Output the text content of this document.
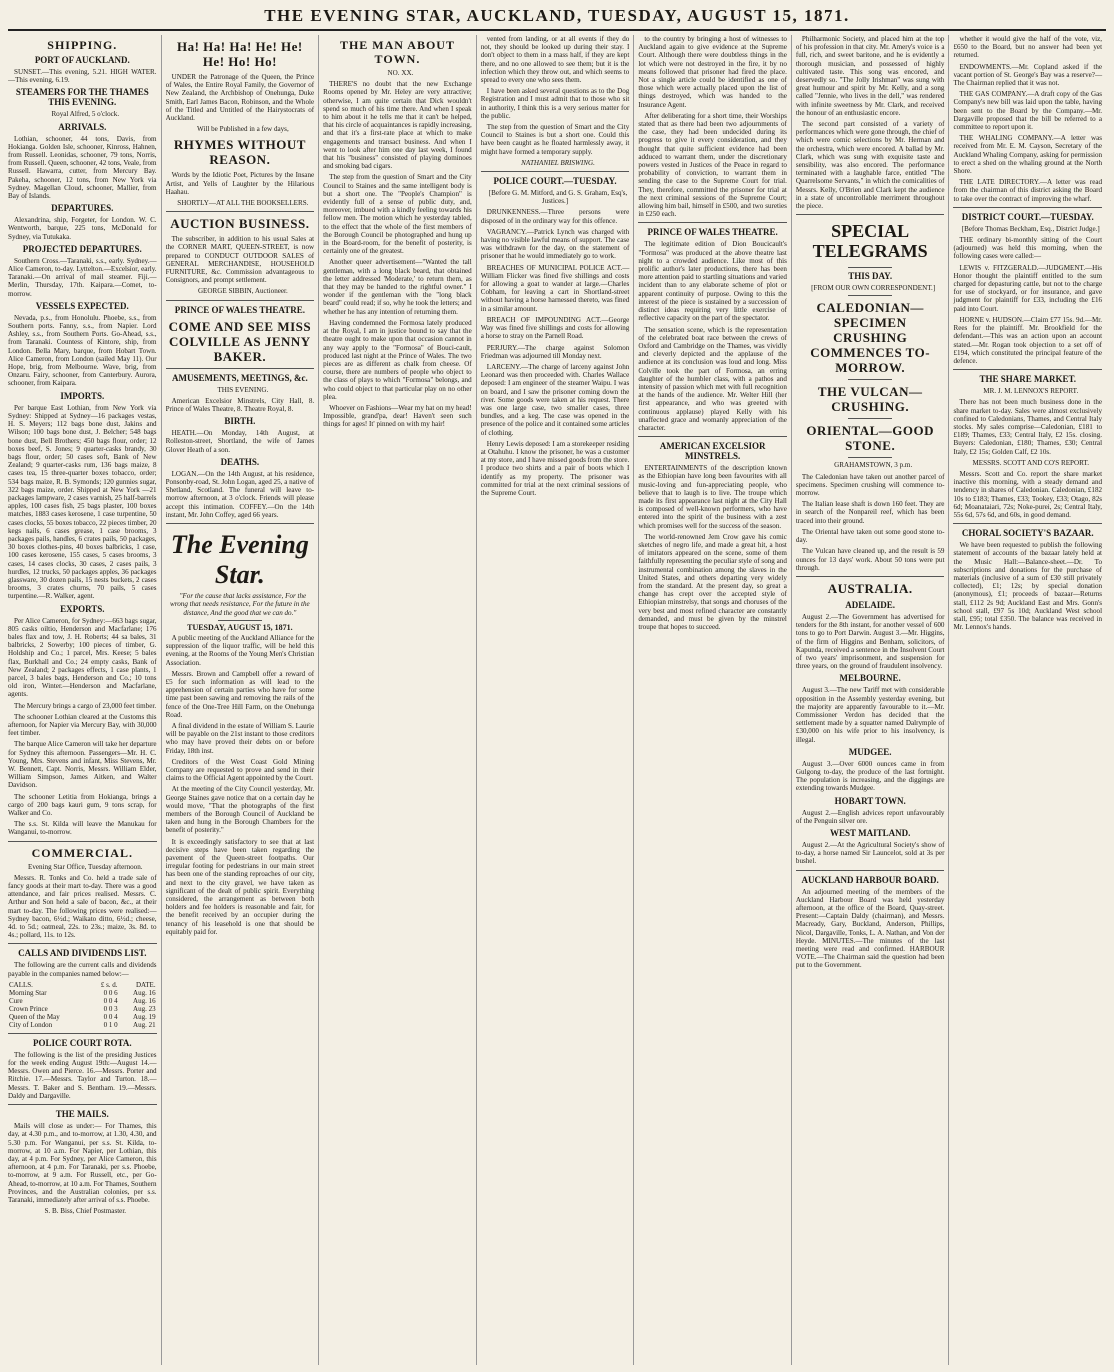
THE EVENING STAR, AUCKLAND, TUESDAY, AUGUST 15, 1871.
SHIPPING.
PORT OF AUCKLAND.

SUNSET.—This evening, 5.21. HIGH WATER.—This evening, 6.19.

STEAMERS FOR THE THAMES THIS EVENING.

Royal Alfred, 5 o'clock.

ARRIVALS.

Lothian, schooner, 44 tons, Davis, from Hokianga. Golden Isle, schooner, Kinross, Hahnen, from Russell. Leonidas, schooner, 79 tons, Norris, from Russell. Queen, schooner, 42 tons, Veale, from Russell. Hawarra, cutter, from Mercury Bay. Pakeha, schooner, 12 tons, from New York via Sydney. Magellan Cloud, schooner, Mallier, from Bay of Islands.

DEPARTURES.

Alexandrina, ship, Forgeter, for London. W. C. Wentworth, barque, 225 tons, McDonald for Sydney, via Tutukaka.

PROJECTED DEPARTURES.

Southern Cross.—Taranaki, s.s., early. Sydney.—Alice Cameron, to-day. Lyttelton.—Excelsior, early. Taranaki.—On arrival of mail steamer. Fiji.—Merlin, Thursday, 17th. Kaipara.—Comet, to-morrow.

VESSELS EXPECTED.

Nevada, p.s., from Honolulu. Phoebe, s.s., from Southern ports. Fanny, s.s., from Napier. Lord Ashley, s.s., from Southern Ports. Go-Ahead, s.s., from Taranaki. Countess of Kintore, ship, from London. Bella Mary, barque, from Hobart Town. Alice Cameron, from London (sailed May 11). Our Hope, brig, from Melbourne. Wave, brig, from Onzaru. Fairy, schooner, from Canterbury. Aurora, schooner, from Kaipara.

IMPORTS.

Per barque East Lothian, from New York via Sydney: Shipped at Sydney—16 packages vestas, H. S. Meyers; 112 bags bone dust, Jakins and Wilson; 100 bags bone dust, J. Belcher; 548 bags bone dust, Bell Brothers; 450 bags flour, order; 12 boxes beef, S. Jones; 9 quarter-casks brandy, 30 bags flour, order; 50 cases soft, Bank of New Zealand; 9 quarter-casks rum, 136 bags maize, 8 cases tea, 15 three-quarter boxes tobacco, order; 534 bags maize, R. B. Symonds; 120 gunnies sugar, 322 bags maize, order. Shipped at New York —21 packages lampware, 2 cases varnish, 25 half-barrels apples, 100 cases fish, 25 bags plaster, 100 boxes matches, 1883 cases kerosene, 1 case turpentine, 50 cases clocks, 55 boxes tobacco, 22 pieces timber, 20 kegs nails, 6 cases grease, 1 case brooms, 3 packages pails, handles, 6 crates pails, 50 packages, 30 boxes clothes-pins, 40 boxes balbricks, 1 case, 100 cases kerosene, 155 cases, 5 cases brooms, 3 cases, 14 cases clocks, 30 cases, 2 cases pails, 3 hurdles, 12 trucks, 50 packages apples, 36 packages glassware, 30 dozen pails, 15 nests buckets, 2 cases brooms, 3 crates churns, 70 pails, 5 cases turpentine.—R. Walker, agent.

EXPORTS.

Per Alice Cameron, for Sydney:—663 bags sugar, 805 casks oiltio, Henderson and Macfarlane; 176 bales flax and tow, J. H. Roberts; 44 sa bales, 31 balbricks, 2 Sowerby; 100 pieces of timber, G. Holdship and Co.; 1 parcel, Mrs. Keese; 5 bales flax, Burkhall and Co.; 24 empty casks, Bank of New Zealand; 2 packages effects, 1 case plants, 1 parcel, 3 bales bags, Henderson and Co.; 10 tons old iron, Winter.—Henderson and Macfarlane, agents.

The Mercury brings a cargo of 23,000 feet timber.

The schooner Lothian cleared at the Customs this afternoon, for Napier via Mercury Bay, with 30,000 feet timber.

The barque Alice Cameron will take her departure for Sydney this afternoon. Passengers—Mr. H. C. Young, Mrs. Stevens and infant, Miss Stevens, Mr. W. Bennett, Capt. Norris, Messrs. William Elder, William Simpson, James Aitken, and Walter Davidson.

The schooner Letitia from Hokianga, brings a cargo of 200 bags kauri gum, 9 tons scrap, for Walker and Co.

The s.s. St. Kilda will leave the Manukau for Wanganui, to-morrow.

COMMERCIAL.

Evening Star Office, Tuesday afternoon.

Messrs. R. Tonks and Co. held a trade sale of fancy goods at their mart to-day. There was a good attendance, and fair prices realised. Messrs. C. Arthur and Son held a sale of bacon, &c., at their mart to-day. The following prices were realised:—Sydney bacon, 6½d.; Waikato ditto, 6½d.; cheese, 4d. to 5d.; oatmeal, 22s. to 23s.; maize, 3s. 8d. to 4s.; pollard, 11s. to 12s.

CALLS AND DIVIDENDS LIST.

The following are the current calls and dividends payable in the companies named below:—

CALLS.	£ s. d.	DATE.
Morning Star	0 0 6	Aug. 16
Cure	0 0 4	Aug. 16
Crown Prince	0 0 3	Aug. 23
Queen of the May	0 0 4	Aug. 19
City of London	0 1 0	Aug. 21
POLICE COURT ROTA.

The following is the list of the presiding Justices for the week ending August 19th:—August 14.—Messrs. Owen and Pierce. 16.—Messrs. Porter and Ritchie. 17.—Messrs. Taylor and Turton. 18.—Messrs. T. Baker and S. Bentham. 19.—Messrs. Daldy and Dargaville.

THE MAILS.

Mails will close as under:— For Thames, this day, at 4.30 p.m., and to-morrow, at 1.30, 4.30, and 5.30 p.m. For Wanganui, per s.s. St. Kilda, to-morrow, at 10 a.m. For Napier, per Lothian, this day, at 4 p.m. For Sydney, per Alice Cameron, this afternoon, at 4 p.m. For Taranaki, per s.s. Phoebe, to-morrow, at 9 a.m. For Russell, etc., per Go-Ahead, to-morrow, at 10 a.m. For Thames, Southern Provinces, and the Australian colonies, per s.s. Taranaki, immediately after arrival of s.s. Phoebe.

S. B. Biss, Chief Postmaster.

Ha! Ha! Ha! He! He! He! Ho! Ho!

UNDER the Patronage of the Queen, the Prince of Wales, the Entire Royal Family, the Governor of New Zealand, the Archbishop of Onehunga, Duke Smith, Earl James Bacon, Robinson, and the Whole of the Titled and Untitled of the Hairystocrats of Auckland.

Will be Published in a few days,

RHYMES WITHOUT REASON.

Words by the Idiotic Poet, Pictures by the Insane Artist, and Yells of Laughter by the Hilarious Haahau.

SHORTLY—AT ALL THE BOOKSELLERS.

AUCTION BUSINESS.

The subscriber, in addition to his usual Sales at the CORNER MART, QUEEN-STREET, is now prepared to CONDUCT OUTDOOR SALES of GENERAL MERCHANDISE, HOUSEHOLD FURNITURE, &c. Commission advantageous to Consignors, and prompt settlement.

GEORGE SIBBIN, Auctioneer.

PRINCE OF WALES THEATRE.
COME AND SEE MISS COLVILLE AS JENNY BAKER.
AMUSEMENTS, MEETINGS, &c.

THIS EVENING.

American Excelsior Minstrels, City Hall, 8. Prince of Wales Theatre, 8. Theatre Royal, 8.

BIRTH.

HEATH.—On Monday, 14th August, at Rolleston-street, Shortland, the wife of James Glover Heath of a son.

DEATHS.

LOGAN.—On the 14th August, at his residence, Ponsonby-road, St. John Logan, aged 25, a native of Shetland, Scotland. The funeral will leave to-morrow afternoon, at 3 o'clock. Friends will please accept this intimation. COFFEY.—On the 14th instant, Mr. John Coffey, aged 66 years.

The Evening Star.

"For the cause that lacks assistance, For the wrong that needs resistance, For the future in the distance, And the good that we can do."

TUESDAY, AUGUST 15, 1871.

A public meeting of the Auckland Alliance for the suppression of the liquor traffic, will be held this evening, at the Rooms of the Young Men's Christian Association.

Messrs. Brown and Campbell offer a reward of £5 for such information as will lead to the apprehension of certain parties who have for some time past been sawing and removing the rails of the fence of the One-Tree Hill Farm, on the Onehunga Road.

A final dividend in the estate of William S. Laurie will be payable on the 21st instant to those creditors who may have proved their debts on or before Friday, 18th inst.

Creditors of the West Coast Gold Mining Company are requested to prove and send in their claims to the Official Agent appointed by the Court.

At the meeting of the City Council yesterday, Mr. George Staines gave notice that on a certain day he would move, "That the photographs of the first members of the Borough Council of Auckland be taken and hung in the Borough Chambers for the benefit of posterity."

It is exceedingly satisfactory to see that at last decisive steps have been taken regarding the pavement of the Queen-street footpaths. Our irregular footing for pedestrians in our main street has been one of the standing reproaches of our city, and next to the city gravel, we have taken as significant of the dealt of public spirit. Everything considered, the arrangement as between both holders and fee holders is reasonable and fair, for the benefit received by an occupier during the tenancy of his leasehold is one that should be equitably paid for.

THE MAN ABOUT TOWN.

NO. XX.

THERE'S no doubt that the new Exchange Rooms opened by Mr. Heley are very attractive; otherwise, I am quite certain that Dick wouldn't spend so much of his time there. And when I speak to him about it he tells me that it can't be helped, that his circle of acquaintances is rapidly increasing, and that it's a first-rate place at which to make engagements and transact business. And when I went to look after him one day last week, I found that his "business" consisted of playing dominoes and smoking bad cigars.

The step from the question of Smart and the City Council to Staines and the same intelligent body is but a short one. The "People's Champion" is evidently full of a sense of public duty, and, moreover, imbued with a kindly feeling towards his fellow men. The motion which he yesterday tabled, to the effect that the whole of the first members of the Borough Council be photographed and hung up in the Board-room, for the benefit of posterity, is certainly one of the greatest.

Another queer advertisement—"Wanted the tall gentleman, with a long black beard, that obtained the letter addressed 'Moderate,' to return them, as that they may be handed to the rightful owner." I wonder if the gentleman with the "long black beard" could read; if so, why he took the letters; and whether he has any intention of returning them.

Having condemned the Formosa lately produced at the Royal, I am in justice bound to say that the theatre ought to make upon that occasion cannot in any way apply to the "Formosa" of Bouci-cault, produced last night at the Prince of Wales. The two pieces are as different as chalk from cheese. Of course, there are numbers of people who object to the class of plays to which "Formosa" belongs, and who could object to that particular play on no other plea.

Whoever on Fashions—Wear my hat on my head! Impossible, grand'pa, dear! Haven't seen such things for ages! It' pinned on with my hair!

vented from landing, or at all events if they do not, they should be looked up during their stay. I don't object to them in a mass half, if they are kept there, and no one allowed to see them; but it is the infection which they throw out, and which seems to spread to every one who sees them.

I have been asked several questions as to the Dog Registration and I must admit that to those who sit in authority, I think this is a very serious matter for the public.

The step from the question of Smart and the City Council to Staines is but a short one. Could this have been caught as he floated harmlessly away, it might have formed a temporary supply.

NATHANIEL BRISWING.

POLICE COURT.—TUESDAY.

[Before G. M. Mitford, and G. S. Graham, Esq's, Justices.]

DRUNKENNESS.—Three persons were disposed of in the ordinary way for this offence.

VAGRANCY.—Patrick Lynch was charged with having no visible lawful means of support. The case was withdrawn for the day, on the statement of prisoner that he would immediately go to work.

BREACHES OF MUNICIPAL POLICE ACT.—William Flicker was fined five shillings and costs for allowing a goat to wander at large.—Charles Cobham, for leaving a cart in Shortland-street without having a horse harnessed thereto, was fined in a similar amount.

BREACH OF IMPOUNDING ACT.—George Way was fined five shillings and costs for allowing a horse to stray on the Parnell Road.

PERJURY.—The charge against Solomon Friedman was adjourned till Monday next.

LARCENY.—The charge of larceny against John Leonard was then proceeded with. Charles Wallace deposed: I am engineer of the steamer Waipu. I was on board, and I saw the prisoner coming down the river. Some goods were taken at his request. There was one large case, two smaller cases, three bundles, and a keg. The case was opened in the presence of the police and it contained some articles of clothing.

Henry Lewis deposed: I am a storekeeper residing at Otahuhu. I know the prisoner, he was a customer at my store, and I have missed goods from the store. I produce two shirts and a pair of boots which I identify as my property. The prisoner was committed for trial at the next criminal sessions of the Supreme Court.

to the country by bringing a host of witnesses to Auckland again to give evidence at the Supreme Court. Although there were doubtless things in the lot which were not destroyed in the fire, it by no means followed that prisoner had fired the place. Not a single article could be identified as one of those which were actually placed upon the list of things destroyed, which was handed to the Insurance Agent.

After deliberating for a short time, their Worships stated that as there had been two adjournments of the case, they had been undecided during its progress to give it every consideration, and they thought that quite sufficient evidence had been adduced to warrant them, under the discretionary powers vested in Justices of the Peace in regard to probability of conviction, to warrant them in sending the case to the Supreme Court for trial. They, therefore, committed the prisoner for trial at the next criminal sessions of the Supreme Court; allowing him bail, himself in £500, and two sureties in £250 each.

PRINCE OF WALES THEATRE.

The legitimate edition of Dion Boucicault's "Formosa" was produced at the above theatre last night to a crowded audience. Like most of this prolific author's later productions, there has been more attention paid to startling situations and varied incident than to any elaborate scheme of plot or apparent continuity of purpose. Owing to this the interest of the piece is sustained by a succession of distinct ideas requiring very little exercise of reflective capacity on the part of the spectator.

The sensation scene, which is the representation of the celebrated boat race between the crews of Oxford and Cambridge on the Thames, was vividly and cleverly depicted and the applause of the audience at its conclusion was loud and long. Miss Colville took the part of Formosa, an erring daughter of the humbler class, with a pathos and intensity of passion which met with full recognition at the hands of the audience. Mr. Welter Hill (her first appearance, and who was greeted with continuous applause) played Kelly with his unaffected grace and womanly appreciation of the character.

AMERICAN EXCELSIOR MINSTRELS.

ENTERTAINMENTS of the description known as the Ethiopian have long been favourites with all music-loving and fun-appreciating people, who believe that to laugh is to live. The troupe which made its first appearance last night at the City Hall is composed of well-known performers, who have entered into the spirit of the business with a zest which promises well for the success of the season.

The world-renowned Jem Crow gave his comic sketches of negro life, and made a great hit, a host of imitators appeared on the scene, some of them faithfully representing the peculiar style of song and instrumental combination among the slaves in the United States, and others departing very widely from the standard. At the present day, so great a change has crept over the accepted style of Ethiopian minstrelsy, that songs and choruses of the very best and most refined character are constantly demanded, and must be given by the minstrel troupe that hopes to succeed.

Philharmonic Society, and placed him at the top of his profession in that city. Mr. Amery's voice is a full, rich, and sweet baritone, and he is evidently a thorough musician, and possessed of highly cultivated taste. This song was encored, and deservedly so. "The Jolly Irishman" was sung with great humour and spirit by Mr. Kelly, and a song called "Jennie, who lives in the dell," was rendered with infinite sweetness by Mr. Clark, and received the honour of an enthusiastic encore.

The second part consisted of a variety of performances which were gone through, the chief of which were comic selections by Mr. Herman and the orchestra, which were encored. A ballad by Mr. Clark, which was sung with exquisite taste and sensibility, was also encored. The performance terminated with a laughable farce, entitled "The Quarrelsome Servants," in which the comicalities of Messrs. Kelly, O'Brien and Clark kept the audience in a state of uncontrollable merriment throughout the piece.

SPECIAL TELEGRAMS
THIS DAY.

[FROM OUR OWN CORRESPONDENT.]

CALEDONIAN—SPECIMEN CRUSHING COMMENCES TO-MORROW.
THE VULCAN—CRUSHING.
ORIENTAL—GOOD STONE.

GRAHAMSTOWN, 3 p.m.

The Caledonian have taken out another parcel of specimens. Specimen crushing will commence to-morrow.

The Italian lease shaft is down 160 feet. They are in search of the Nonpareil reef, which has been traced into their ground.

The Oriental have taken out some good stone to-day.

The Vulcan have cleaned up, and the result is 59 ounces for 13 days' work. About 50 tons were put through.

AUSTRALIA.
ADELAIDE.

August 2.—The Government has advertised for tenders for the 8th instant, for another vessel of 600 tons to go to Port Darwin. August 3.—Mr. Higgins, of the firm of Higgins and Benham, solicitors, of Kapunda, received a sentence in the Insolvent Court of two years' imprisonment, and suspension for three years, on the ground of fraudulent insolvency.

MELBOURNE.

August 3.—The new Tariff met with considerable opposition in the Assembly yesterday evening, but the majority are apparently favourable to it.—Mr. Commissioner Verdon has decided that the settlement made by a squatter named Dalrymple of £30,000 on his wife prior to his insolvency, is illegal.

MUDGEE.

August 3.—Over 6000 ounces came in from Gulgong to-day, the produce of the last fortnight. The population is increasing, and the diggings are extending towards Mudgee.

HOBART TOWN.

August 2.—English advices report unfavourably of the Penguin silver ore.

WEST MAITLAND.

August 2.—At the Agricultural Society's show of to-day, a horse named Sir Launcelot, sold at 3s per bushel.

AUCKLAND HARBOUR BOARD.

An adjourned meeting of the members of the Auckland Harbour Board was held yesterday afternoon, at the office of the Board, Quay-street. Present:—Captain Daldy (chairman), and Messrs. Macready, Gary, Buckland, Anderson, Phillips, Nicol, Dargaville, Tonks, L. A. Nathan, and Von der Heyde. MINUTES.—The minutes of the last meeting were read and confirmed. HARBOUR VOTE.—The Chairman said the question had been put to the Government.

whether it would give the half of the vote, viz, £650 to the Board, but no answer had been yet returned.

ENDOWMENTS.—Mr. Copland asked if the vacant portion of St. George's Bay was a reserve?—The Chairman replied that it was not.

THE GAS COMPANY.—A draft copy of the Gas Company's new bill was laid upon the table, having been sent to the Board by the Company.—Mr. Dargaville proposed that the bill be referred to a committee to report upon it.

THE WHALING COMPANY.—A letter was received from Mr. E. M. Cayson, Secretary of the Auckland Whaling Company, asking for permission to erect a shed on the whaling ground at the North Shore.

THE LATE DIRECTORY.—A letter was read from the chairman of this district asking the Board to take over the contract of improving the wharf.

DISTRICT COURT.—TUESDAY.

[Before Thomas Beckham, Esq., District Judge.]

THE ordinary bi-monthly sitting of the Court (adjourned) was held this morning, when the following cases were called:—

LEWIS v. FITZGERALD.—JUDGMENT.—His Honor thought the plaintiff entitled to the sum charged for depasturing cattle, but not to the charge for use of stockyard, or for insurance, and gave judgment for plaintiff for £33, including the £16 paid into Court.

HORNE v. HUDSON.—Claim £77 15s. 9d.—Mr. Rees for the plaintiff. Mr. Brookfield for the defendant.—This was an action upon an account stated.—Mr. Rogan took objection to a set off of £194, which constituted the principal feature of the defence.

THE SHARE MARKET.

MR. J. M. LENNOX'S REPORT.

There has not been much business done in the share market to-day. Sales were almost exclusively confined to Caledonians, Thames, and Central Italy stocks. My sales comprise—Caledonian, £181 to £189; Thames, £33; Central Italy, £2 15s. closing. Buyers: Caledonian, £180; Thames, £30; Central Italy, £2 15s; Golden Calf, £2 10s.

MESSRS. SCOTT AND CO'S REPORT.

Messrs. Scott and Co. report the share market inactive this morning, with a steady demand and tendency in shares of Caledonian. Caledonian, £182 10s to £183; Thames, £33; Tookey, £33; Otago, 82s 6d; Moanataiari, 72s; Noke-purei, 2s; Central Italy, 55s 6d, 57s 6d, and 60s, in good demand.

CHORAL SOCIETY'S BAZAAR.

We have been requested to publish the following statement of accounts of the bazaar lately held at the Music Hall:—Balance-sheet.—Dr. To subscriptions and donations for the purchase of materials (inclusive of a sum of £30 still privately collected), £1; 12s; by special donation (anonymous), £1; proceeds of bazaar—Returns stall, £112 2s 9d; Auckland East and Mrs. Gonn's school stall, £97 5s 10d; Auckland West school stall, £95; total £350. The balance was received in Mr. Lennox's hands.
